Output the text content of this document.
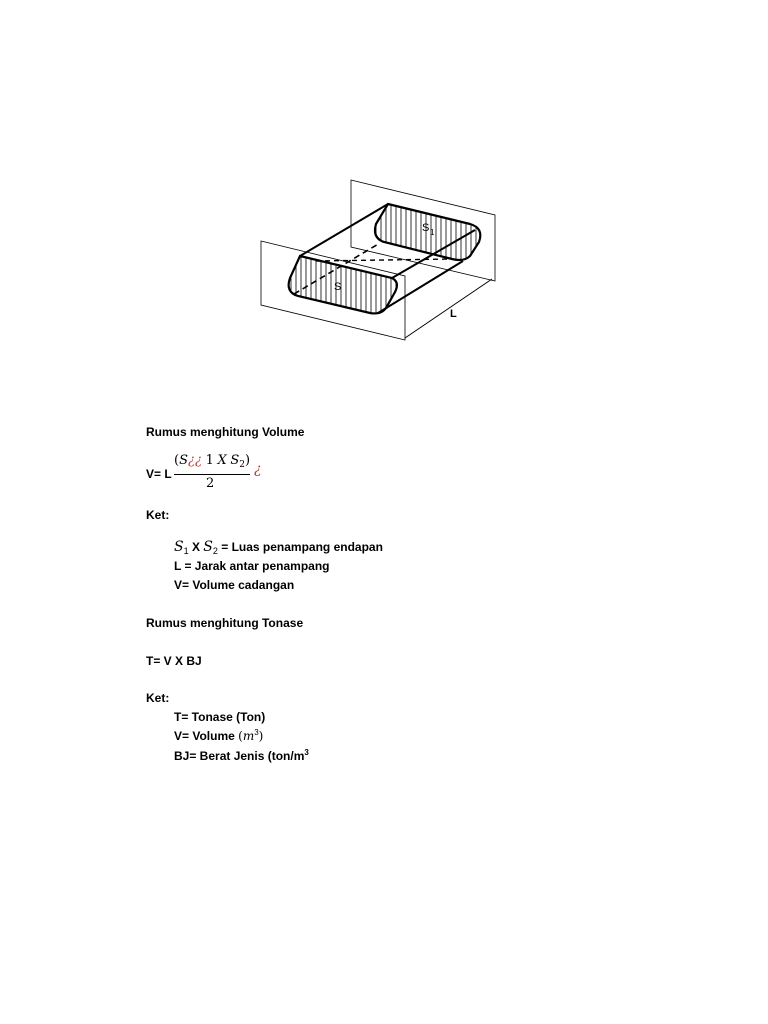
S 1
S
L
Rumus menghitung Volume
V= L
(S¿¿ 1 X $S_2$)
2
¿
Ket:
$S_1$ X $S_2$ = Luas penampang endapan
L = Jarak antar penampang
V= Volume cadangan
Rumus menghitung Tonase
T= V X BJ
Ket:
T= Tonase (Ton)
V= Volume $(m^3)$
BJ= Berat Jenis ($ton/m^3$
